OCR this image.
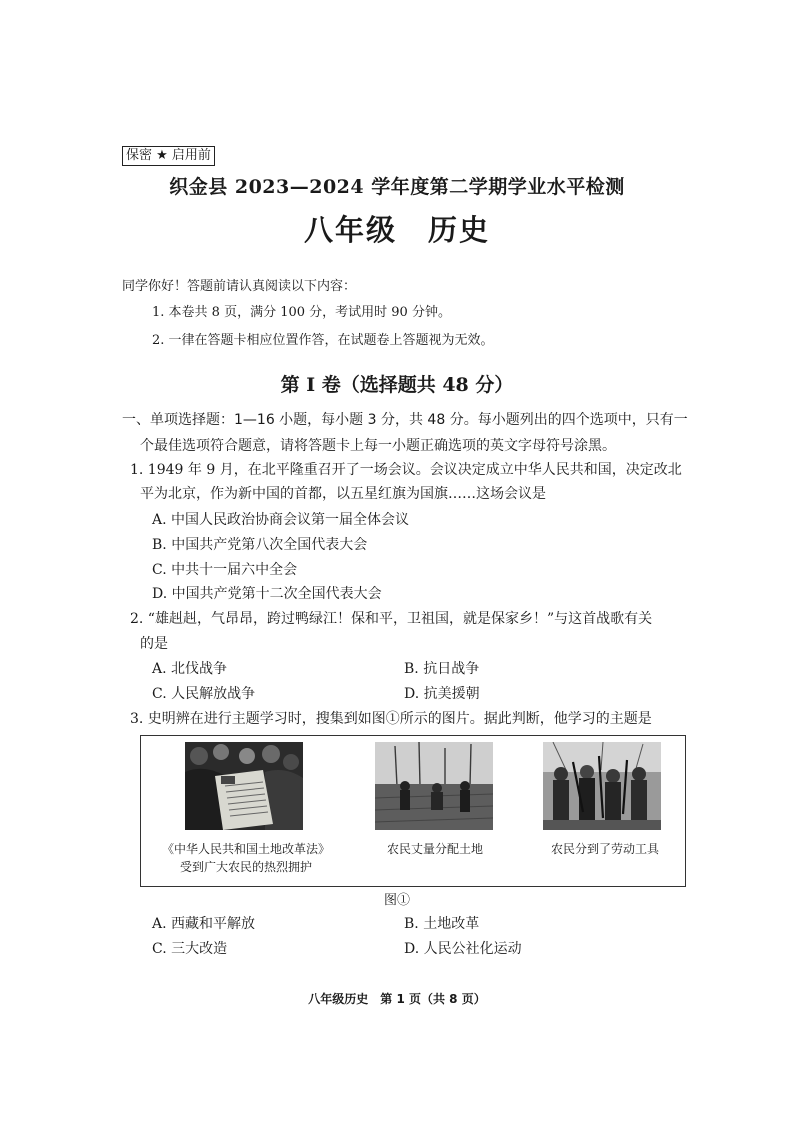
保密 ★ 启用前
织金县 2023—2024 学年度第二学期学业水平检测
八年级　历史
同学你好！答题前请认真阅读以下内容：
1. 本卷共 8 页，满分 100 分，考试用时 90 分钟。
2. 一律在答题卡相应位置作答，在试题卷上答题视为无效。
第 I 卷（选择题共 48 分）
一、单项选择题：1—16 小题，每小题 3 分，共 48 分。每小题列出的四个选项中，只有一
个最佳选项符合题意，请将答题卡上每一小题正确选项的英文字母符号涂黑。
1. 1949 年 9 月，在北平隆重召开了一场会议。会议决定成立中华人民共和国，决定改北
平为北京，作为新中国的首都，以五星红旗为国旗……这场会议是
A. 中国人民政治协商会议第一届全体会议
B. 中国共产党第八次全国代表大会
C. 中共十一届六中全会
D. 中国共产党第十二次全国代表大会
2. “雄赳赳，气昂昂，跨过鸭绿江！保和平，卫祖国，就是保家乡！”与这首战歌有关
的是
A. 北伐战争	B. 抗日战争
C. 人民解放战争	D. 抗美援朝
3. 史明辨在进行主题学习时，搜集到如图①所示的图片。据此判断，他学习的主题是
《中华人民共和国土地改革法》
受到广大农民的热烈拥护
农民丈量分配土地	农民分到了劳动工具
图①
A. 西藏和平解放	B. 土地改革
C. 三大改造	D. 人民公社化运动
八年级历史　第 1 页（共 8 页）
